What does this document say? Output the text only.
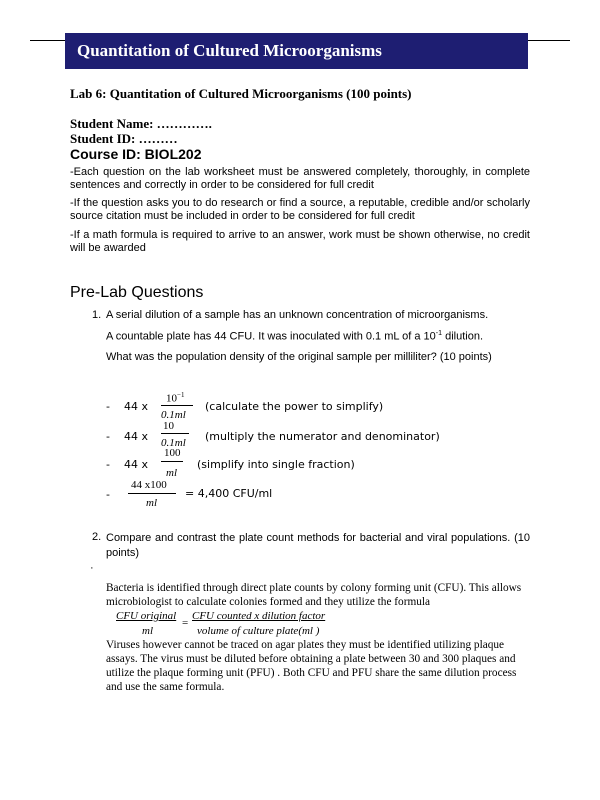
Quantitation of Cultured Microorganisms
Lab 6: Quantitation of Cultured Microorganisms (100 points)
Student Name: ………….
Student ID: ………
Course ID: BIOL202
-Each question on the lab worksheet must be answered completely, thoroughly, in complete sentences and correctly in order to be considered for full credit
-If the question asks you to do research or find a source, a reputable, credible and/or scholarly source citation must be included in order to be considered for full credit
-If a math formula is required to arrive to an answer, work must be shown otherwise, no credit will be awarded
Pre-Lab Questions
1. A serial dilution of a sample has an unknown concentration of microorganisms.
A countable plate has 44 CFU. It was inoculated with 0.1 mL of a $10^{-1}$ dilution.
What was the population density of the original sample per milliliter? (10 points)
- 44 x
$10^{-1}$
0.1ml
(calculate the power to simplify)
- 44 x
10
0.1ml (multiply the numerator and denominator)
- 44 x
100
ml
(simplify into single fraction)
-
44 x100
ml
= 4,400 CFU/ml
2. Compare and contrast the plate count methods for bacterial and viral populations. (10 points)
·
Bacteria is identified through direct plate counts by colony forming unit (CFU). This allows microbiologist to calculate colonies formed and they utilize the formula
CFU original
ml
=
CFU counted x dilution factor
volume of culture plate(ml )
Viruses however cannot be traced on agar plates they must be identified utilizing plaque assays. The virus must be diluted before obtaining a plate between 30 and 300 plaques and utilize the plaque forming unit (PFU) . Both CFU and PFU share the same dilution process and use the same formula.
